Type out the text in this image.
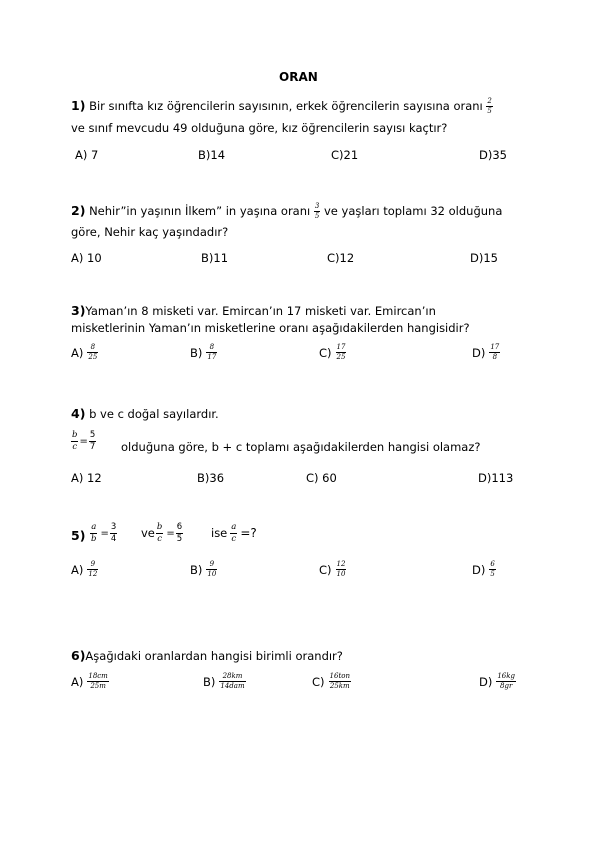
ORAN
1) Bir sınıfta kız öğrencilerin sayısının, erkek öğrencilerin sayısına oranı $\frac{2}{5}$
ve sınıf mevcudu 49 olduğuna göre, kız öğrencilerin sayısı kaçtır?
A) 7	B)14	C)21	D)35
2) Nehir”in yaşının İlkem” in yaşına oranı $\frac{3}{5}$ ve yaşları toplamı 32 olduğuna
göre, Nehir kaç yaşındadır?
A) 10	B)11	C)12	D)15
3)Yaman’ın 8 misketi var. Emircan’ın 17 misketi var. Emircan’ın
misketlerinin Yaman’ın misketlerine oranı aşağıdakilerden hangisidir?
$A) \frac{8}{25}$	$B) \frac{8}{17}$	$C) \frac{17}{25}$	$D) \frac{17}{8}$
4) b ve c doğal sayılardır.
$\frac{b}{c} = \frac{5}{7}$ olduğuna göre, b + c toplamı aşağıdakilerden hangisi olamaz?
A) 12	B)36	C) 60	D)113
$5) \frac{a}{b} = \frac{3}{4}$ ve $\frac{b}{c} = \frac{6}{5}$ ise $\frac{a}{c}$ =?
$A) \frac{9}{12}$	$B) \frac{9}{10}$	$C) \frac{12}{10}$	$D) \frac{6}{5}$
6)Aşağıdaki oranlardan hangisi birimli orandır?
$A) \frac{18cm}{25m}$	$B) \frac{28km}{\text{14dam}}$	$C) \frac{\text{16ton}}{25km}$	$D) \frac{16kg}{8gr}$
